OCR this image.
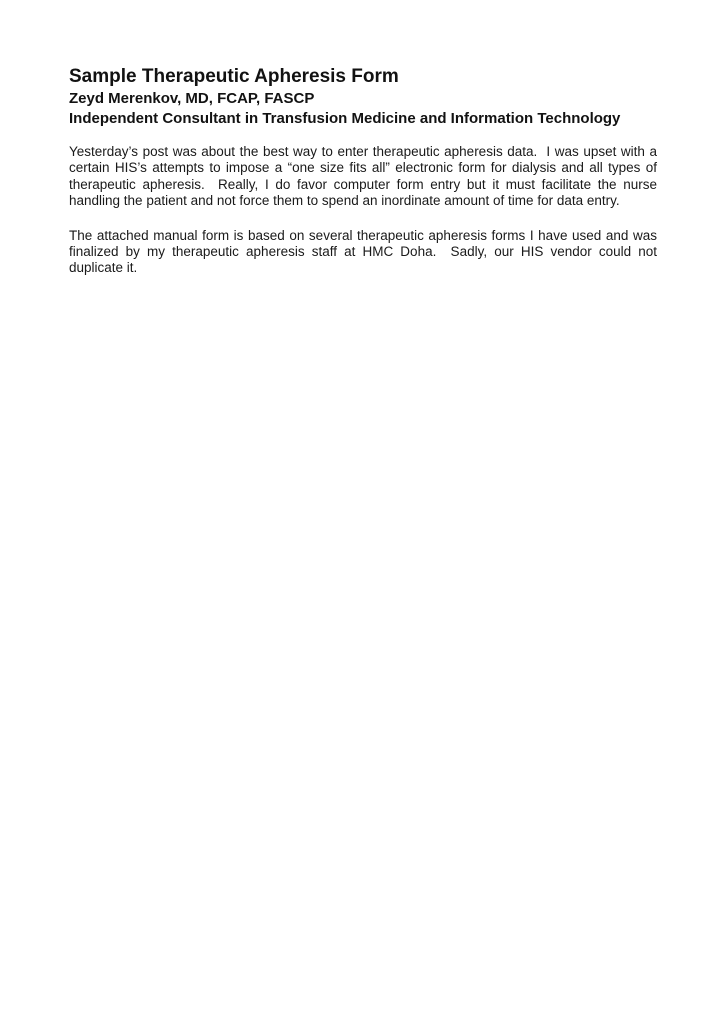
Sample Therapeutic Apheresis Form
Zeyd Merenkov, MD, FCAP, FASCP
Independent Consultant in Transfusion Medicine and Information Technology

Yesterday’s post was about the best way to enter therapeutic apheresis data.  I was upset with a certain HIS’s attempts to impose a “one size fits all” electronic form for dialysis and all types of therapeutic apheresis.  Really, I do favor computer form entry but it must facilitate the nurse handling the patient and not force them to spend an inordinate amount of time for data entry.

The attached manual form is based on several therapeutic apheresis forms I have used and was finalized by my therapeutic apheresis staff at HMC Doha.  Sadly, our HIS vendor could not duplicate it.
